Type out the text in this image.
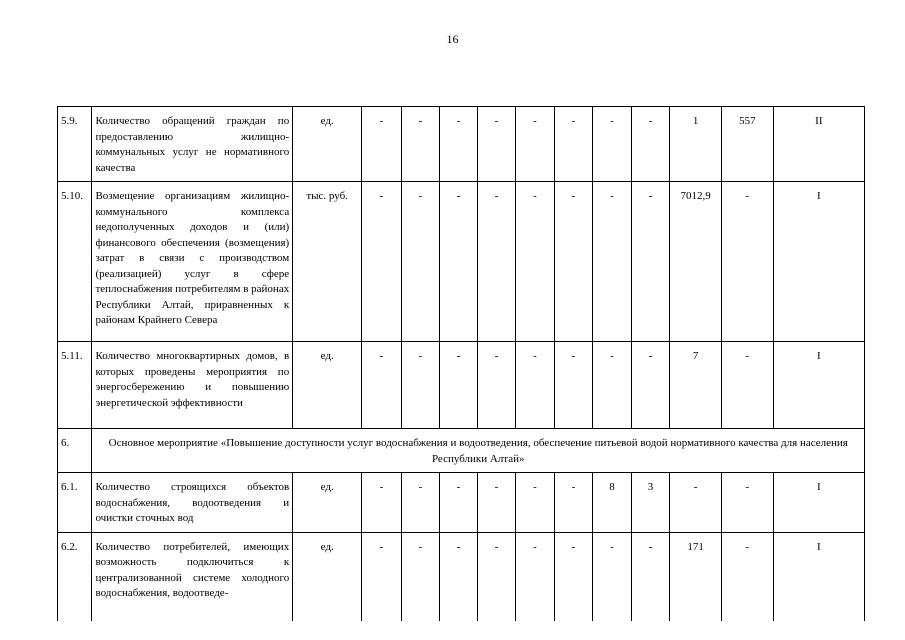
16
5.9.	Количество обращений граждан по предоставлению жилищно-коммунальных услуг не нормативного качества	ед.	-	-	-	-	-	-	-	-	1	557	II
5.10.	Возмещение организациям жилищно-коммунального комплекса недополученных доходов и (или) финансового обеспечения (возмещения) затрат в связи с производством (реализацией) услуг в сфере теплоснабжения потребителям в районах Республики Алтай, приравненных к районам Крайнего Севера	тыс. руб.	-	-	-	-	-	-	-	-	7012,9	-	I
5.11.	Количество многоквартирных домов, в которых проведены мероприятия по энергосбережению и повышению энергетической эффективности	ед.	-	-	-	-	-	-	-	-	7	-	I
6.	Основное мероприятие «Повышение доступности услуг водоснабжения и водоотведения, обеспечение питьевой водой нормативного качества для населения Республики Алтай»												
6.1.	Количество строящихся объектов водоснабжения, водоотведения и очистки сточных вод	ед.	-	-	-	-	-	-	8	3	-	-	I
6.2.	Количество потребителей, имеющих возможность подключиться к централизованной системе холодного водоснабжения, водоотведе-	ед.	-	-	-	-	-	-	-	-	171	-	I
